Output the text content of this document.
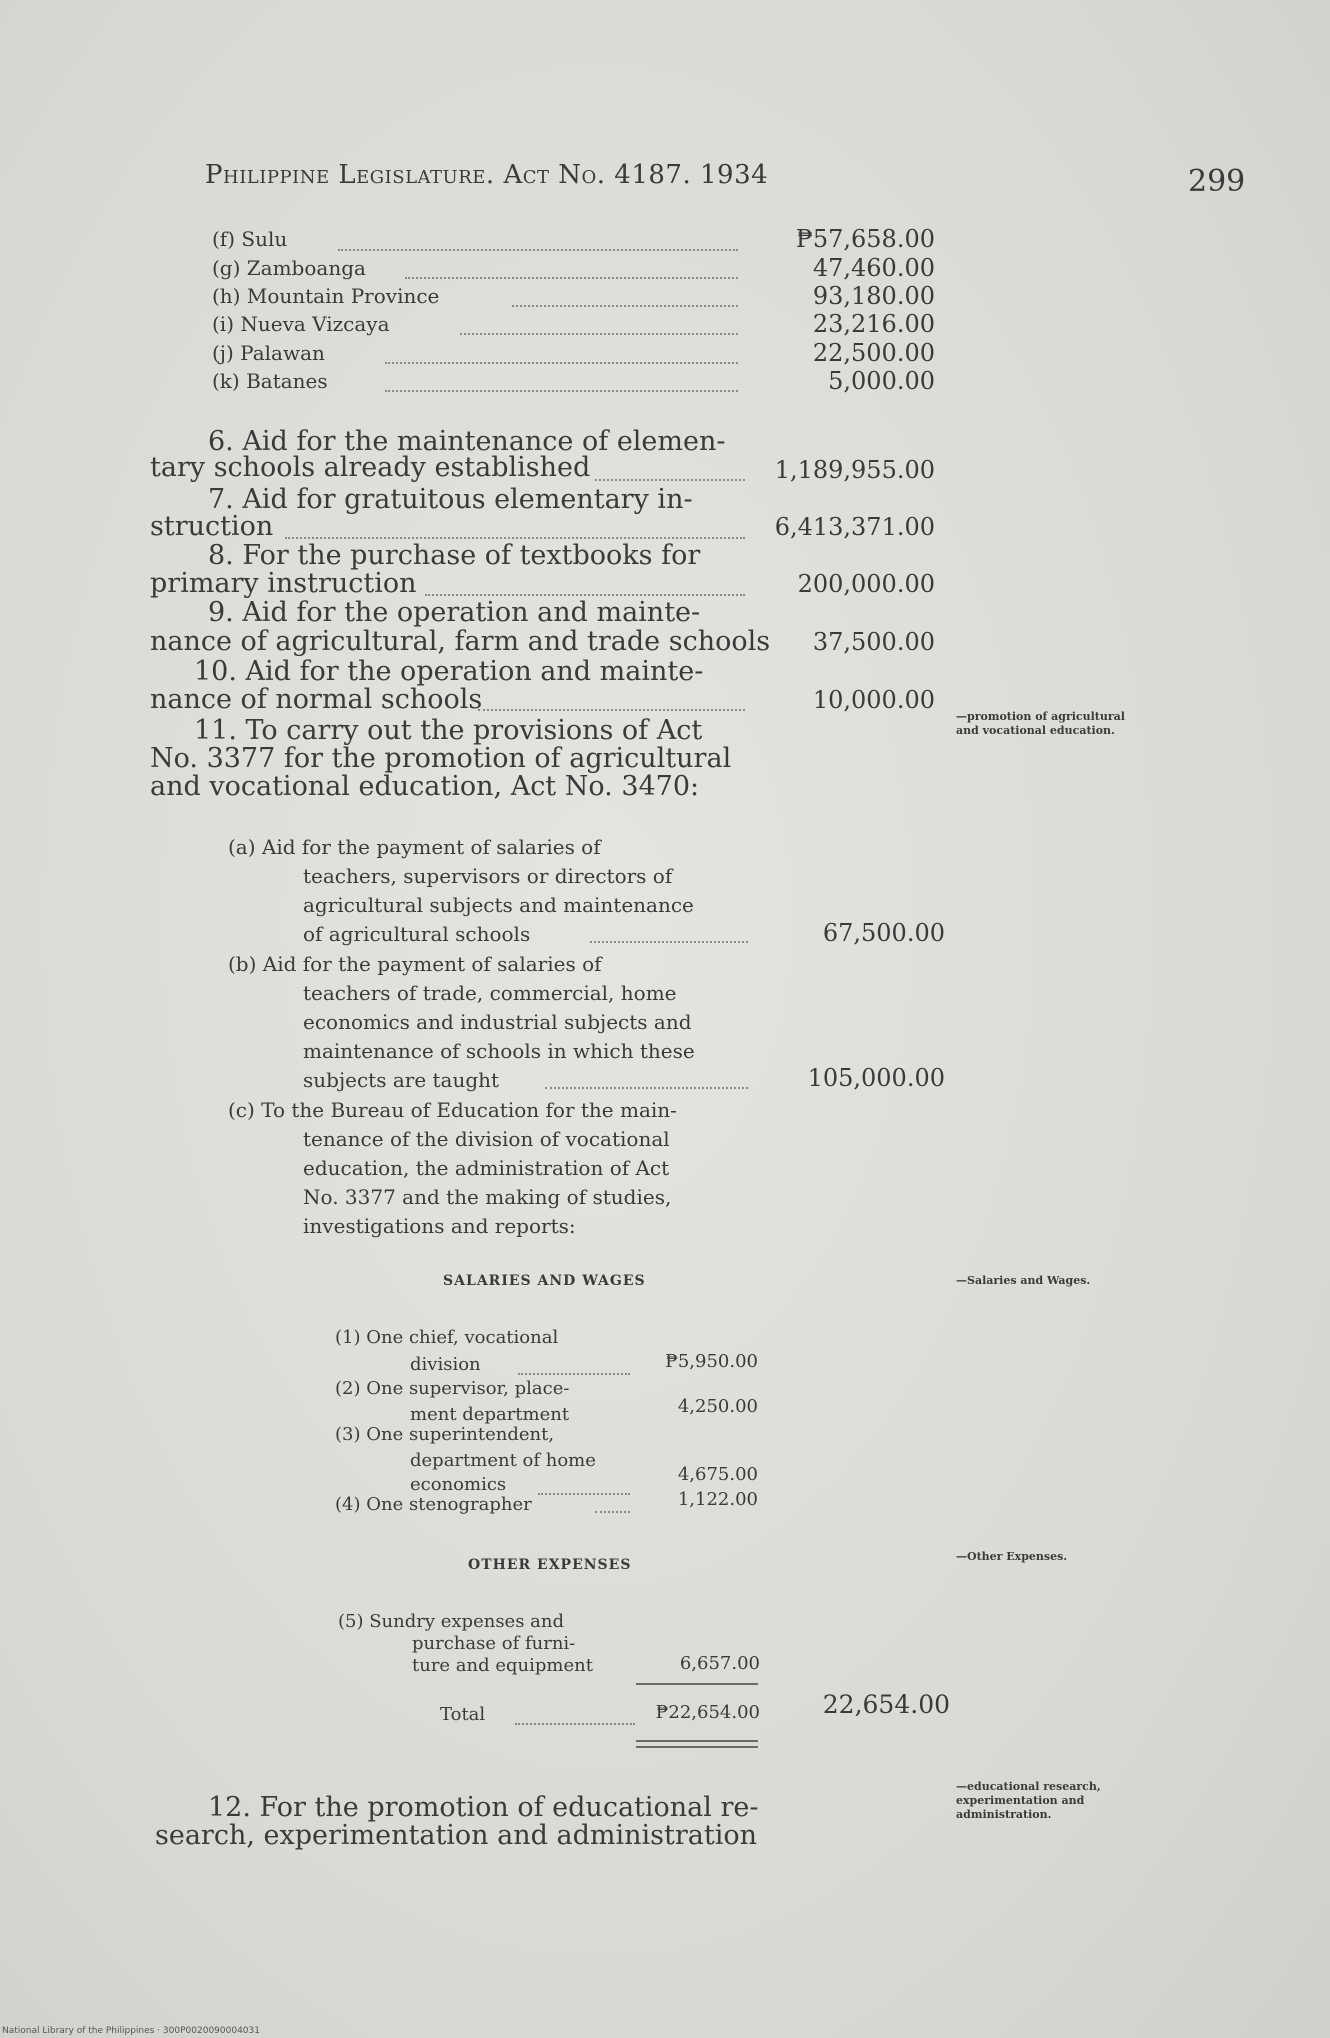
Philippine Legislature. Act No. 4187. 1934	299
(f) Sulu	₱57,658.00
(g) Zamboanga	47,460.00
(h) Mountain Province	93,180.00
(i) Nueva Vizcaya	23,216.00
(j) Palawan	22,500.00
(k) Batanes	5,000.00
6. Aid for the maintenance of elemen-
tary schools already established	1,189,955.00
7. Aid for gratuitous elementary in-
struction	6,413,371.00
8. For the purchase of textbooks for
primary instruction	200,000.00
9. Aid for the operation and mainte-
nance of agricultural, farm and trade schools	37,500.00
10. Aid for the operation and mainte-
nance of normal schools	10,000.00
11. To carry out the provisions of Act
No. 3377 for the promotion of agricultural
and vocational education, Act No. 3470:
(a) Aid for the payment of salaries of
teachers, supervisors or directors of
agricultural subjects and maintenance
of agricultural schools	67,500.00
(b) Aid for the payment of salaries of
teachers of trade, commercial, home
economics and industrial subjects and
maintenance of schools in which these
subjects are taught	105,000.00
(c) To the Bureau of Education for the main-
tenance of the division of vocational
education, the administration of Act
No. 3377 and the making of studies,
investigations and reports:
SALARIES AND WAGES
(1) One chief, vocational
division	₱5,950.00
(2) One supervisor, place-
ment department	4,250.00
(3) One superintendent,
department of home
economics	4,675.00
(4) One stenographer	1,122.00
OTHER EXPENSES
(5) Sundry expenses and
purchase of furni-
ture and equipment	6,657.00
Total	₱22,654.00	22,654.00
12. For the promotion of educational re-
search, experimentation and administration
—promotion of agricultural and vocational education.
—Salaries and Wages.
—Other Expenses.
—educational research, experimentation and administration.
National Library of the Philippines · 300P0020090004031
